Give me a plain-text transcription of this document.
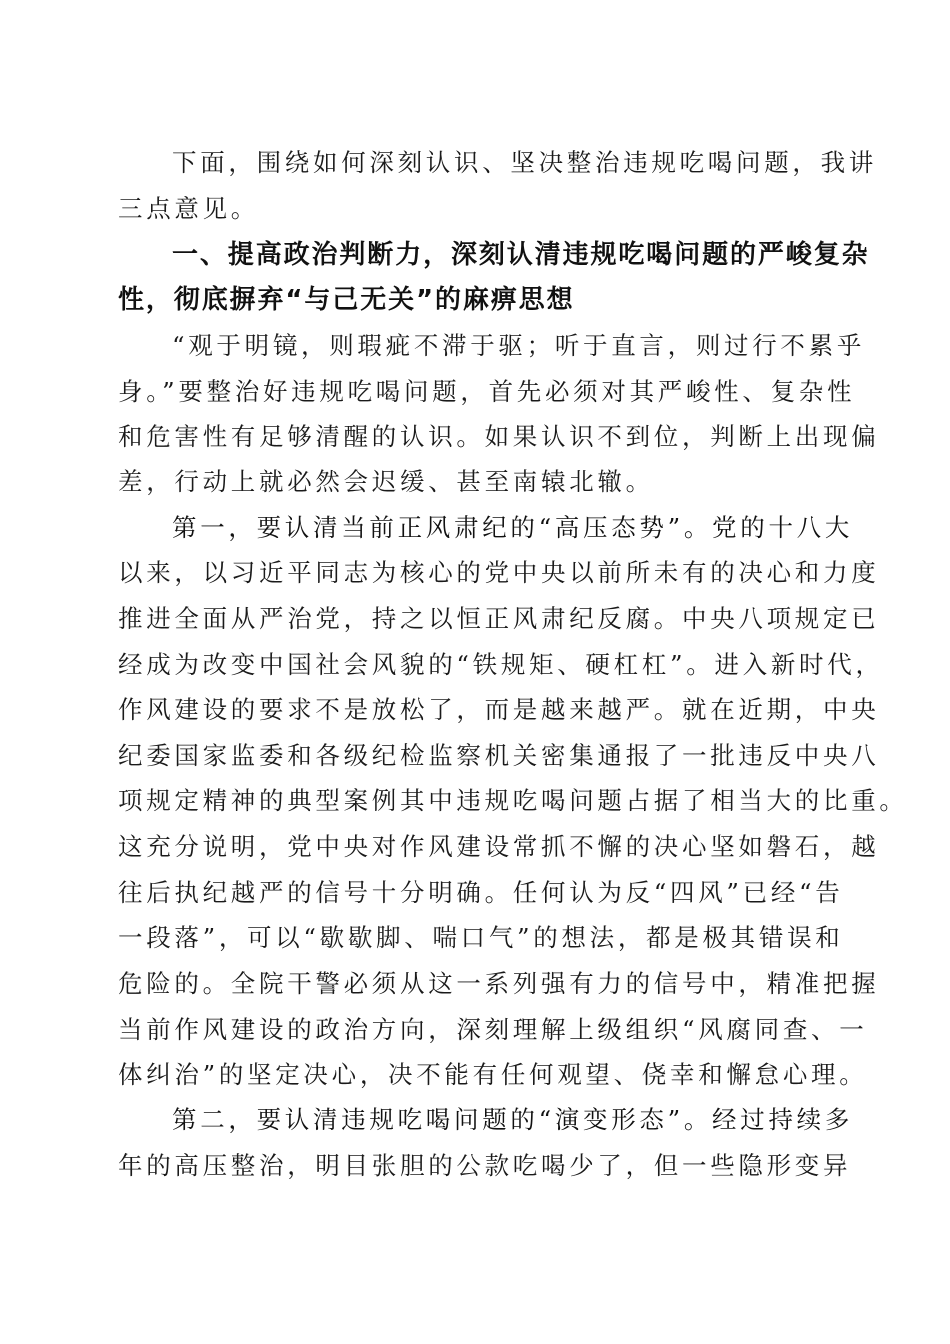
下面，围绕如何深刻认识、坚决整治违规吃喝问题，我讲
三点意见。
一、提高政治判断力，深刻认清违规吃喝问题的严峻复杂
性，彻底摒弃“与己无关”的麻痹思想
“观于明镜，则瑕疵不滞于驱；听于直言，则过行不累乎
身。”要整治好违规吃喝问题，首先必须对其严峻性、复杂性
和危害性有足够清醒的认识。如果认识不到位，判断上出现偏
差，行动上就必然会迟缓、甚至南辕北辙。
第一，要认清当前正风肃纪的“高压态势”。党的十八大
以来，以习近平同志为核心的党中央以前所未有的决心和力度
推进全面从严治党，持之以恒正风肃纪反腐。中央八项规定已
经成为改变中国社会风貌的“铁规矩、硬杠杠”。进入新时代，
作风建设的要求不是放松了，而是越来越严。就在近期，中央
纪委国家监委和各级纪检监察机关密集通报了一批违反中央八
项规定精神的典型案例其中违规吃喝问题占据了相当大的比重。
这充分说明，党中央对作风建设常抓不懈的决心坚如磐石，越
往后执纪越严的信号十分明确。任何认为反“四风”已经“告
一段落”，可以“歇歇脚、喘口气”的想法，都是极其错误和
危险的。全院干警必须从这一系列强有力的信号中，精准把握
当前作风建设的政治方向，深刻理解上级组织“风腐同查、一
体纠治”的坚定决心，决不能有任何观望、侥幸和懈怠心理。
第二，要认清违规吃喝问题的“演变形态”。经过持续多
年的高压整治，明目张胆的公款吃喝少了，但一些隐形变异
